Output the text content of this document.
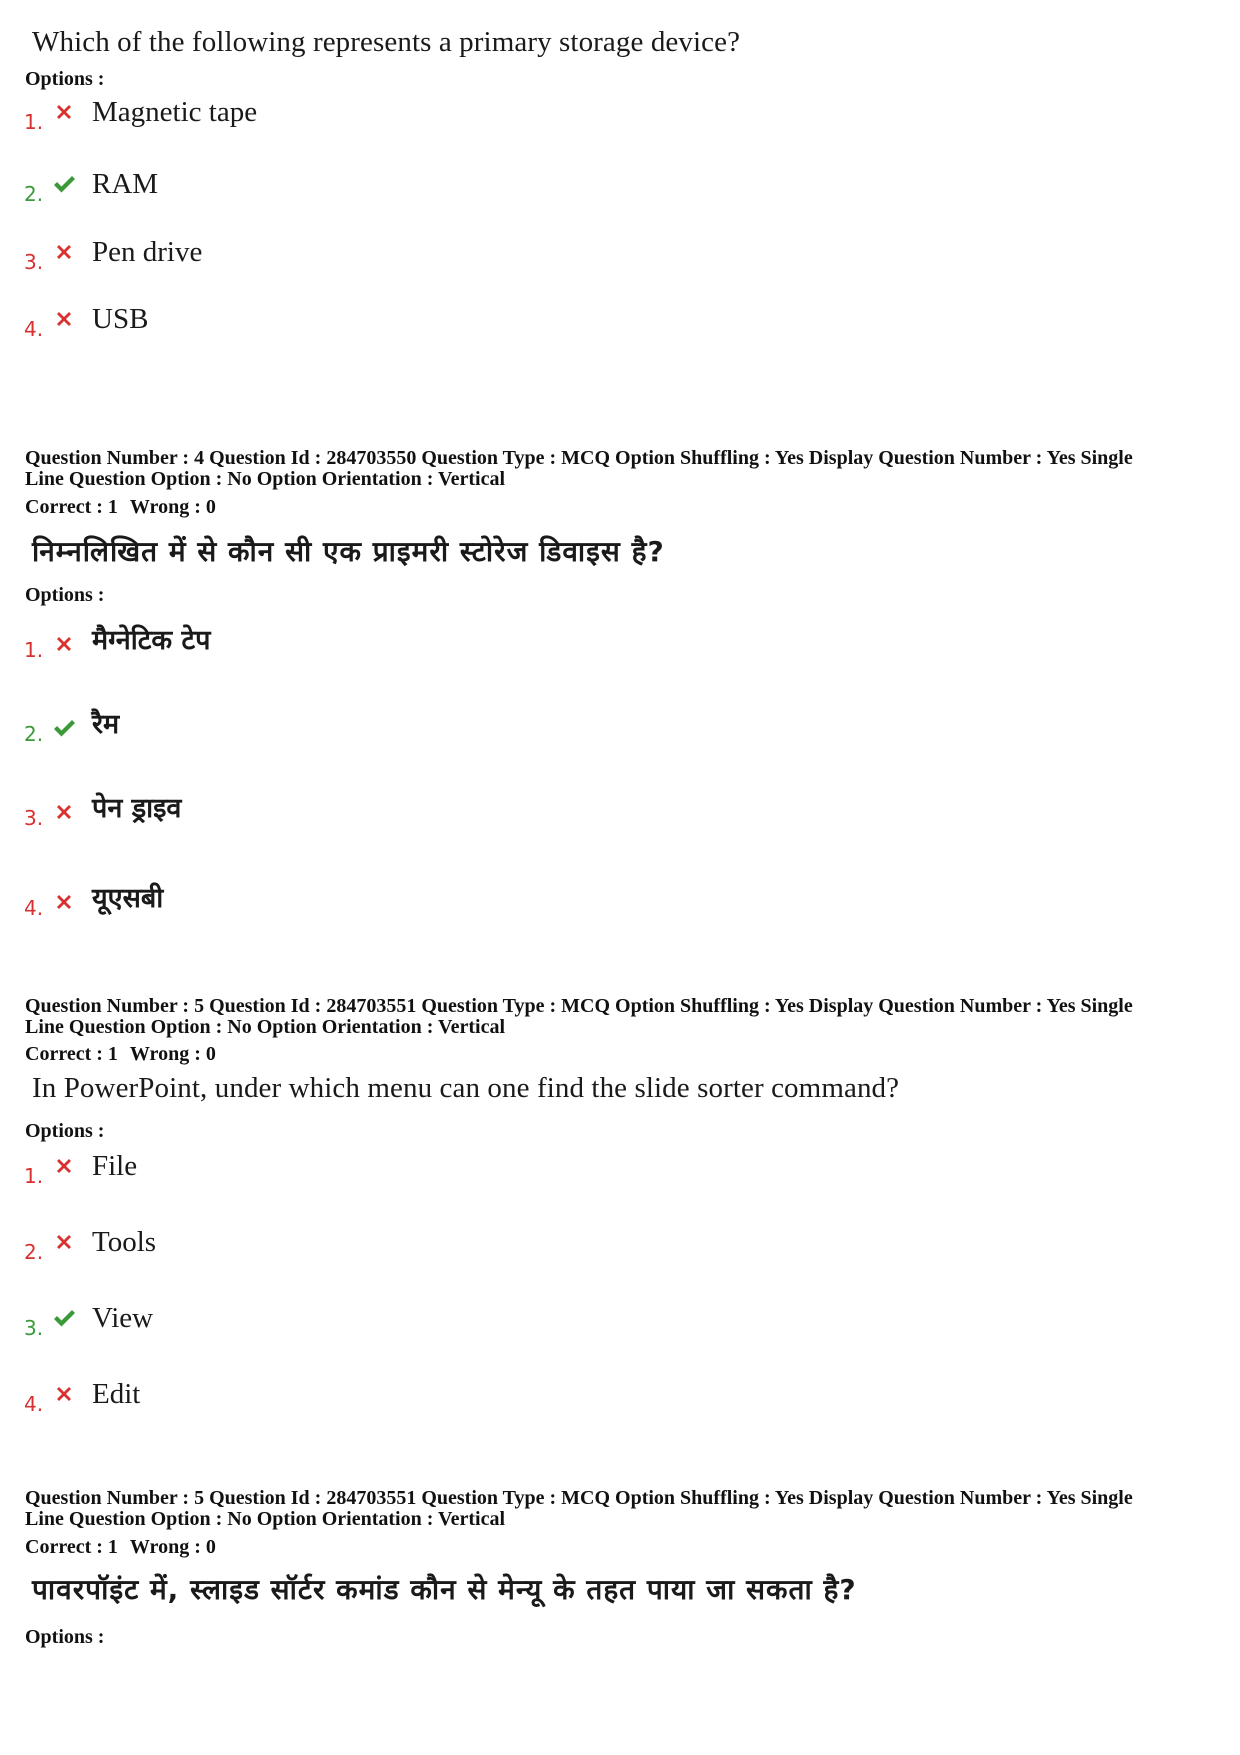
Which of the following represents a primary storage device?
Options :
1. Magnetic tape
2. RAM
3. Pen drive
4. USB
Question Number : 4 Question Id : 284703550 Question Type : MCQ Option Shuffling : Yes Display Question Number : Yes Single
Line Question Option : No Option Orientation : Vertical
Correct : 1 Wrong : 0
निम्नलिखित में से कौन सी एक प्राइमरी स्टोरेज डिवाइस है?
Options :
1. मैग्नेटिक टेप
2. रैम
3. पेन ड्राइव
4. यूएसबी
Question Number : 5 Question Id : 284703551 Question Type : MCQ Option Shuffling : Yes Display Question Number : Yes Single
Line Question Option : No Option Orientation : Vertical
Correct : 1 Wrong : 0
In PowerPoint, under which menu can one find the slide sorter command?
Options :
1. File
2. Tools
3. View
4. Edit
Question Number : 5 Question Id : 284703551 Question Type : MCQ Option Shuffling : Yes Display Question Number : Yes Single
Line Question Option : No Option Orientation : Vertical
Correct : 1 Wrong : 0
पावरपॉइंट में, स्लाइड सॉर्टर कमांड कौन से मेन्यू के तहत पाया जा सकता है?
Options :
